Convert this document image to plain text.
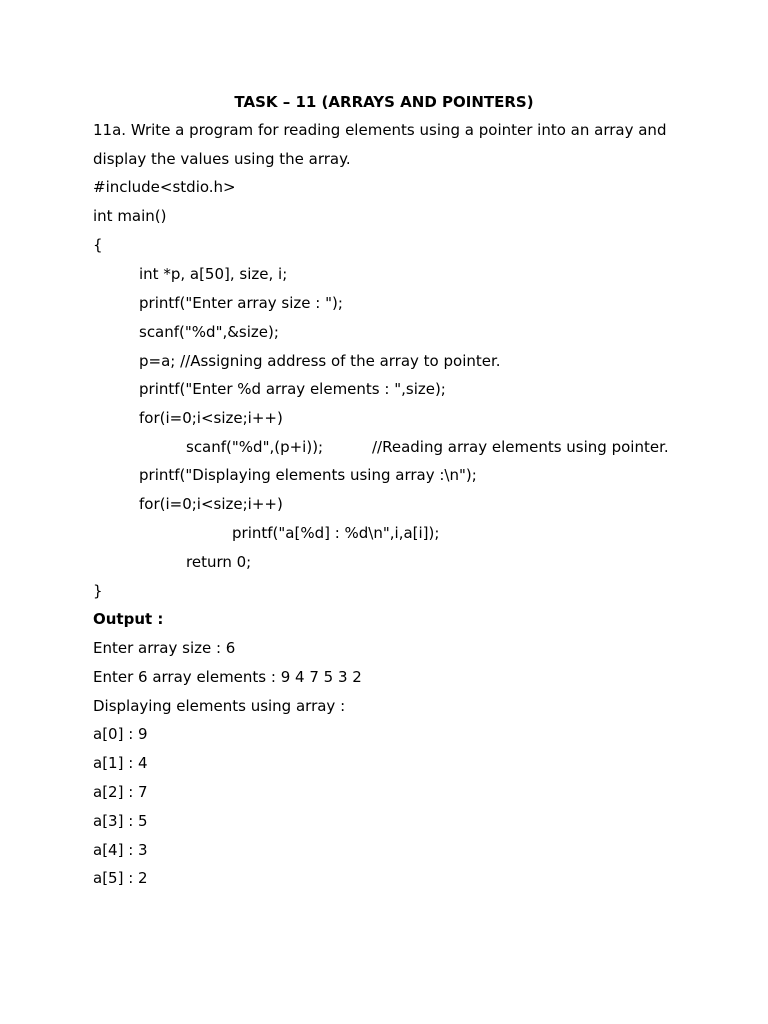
TASK – 11 (ARRAYS AND POINTERS)
11a. Write a program for reading elements using a pointer into an array and
display the values using the array.
#include<stdio.h>
int main()
{
int *p, a[50], size, i;
printf("Enter array size : ");
scanf("%d",&size);
p=a; //Assigning address of the array to pointer.
printf("Enter %d array elements : ",size);
for(i=0;i<size;i++)
scanf("%d",(p+i));	//Reading array elements using pointer.
printf("Displaying elements using array :\n");
for(i=0;i<size;i++)
printf("a[%d] : %d\n",i,a[i]);
return 0;
}
Output :
Enter array size : 6
Enter 6 array elements : 9 4 7 5 3 2
Displaying elements using array :
a[0] : 9
a[1] : 4
a[2] : 7
a[3] : 5
a[4] : 3
a[5] : 2
